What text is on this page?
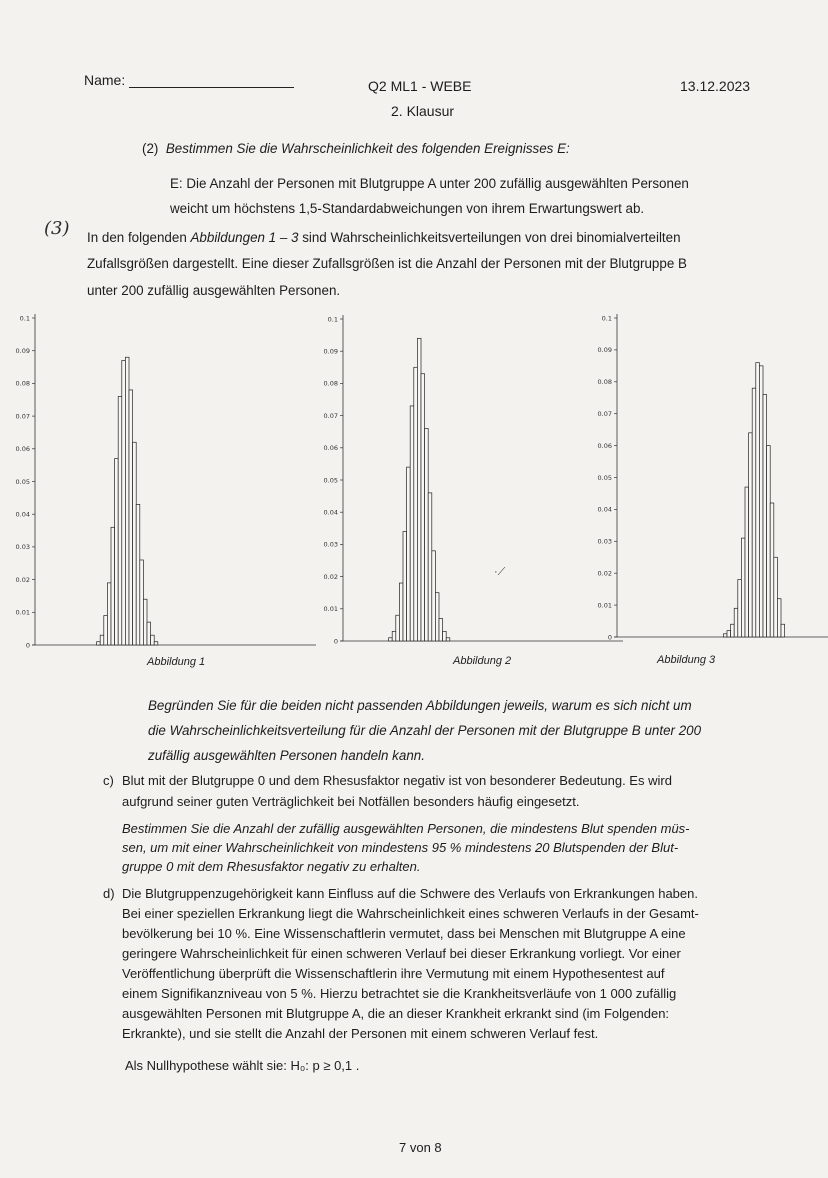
Name:	Q2 ML1 - WEBE	13.12.2023
2. Klausur
(2) Bestimmen Sie die Wahrscheinlichkeit des folgenden Ereignisses E:
E: Die Anzahl der Personen mit Blutgruppe A unter 200 zufällig ausgewählten Personen
weicht um höchstens 1,5-Standardabweichungen von ihrem Erwartungswert ab.
(3) In den folgenden Abbildungen 1 – 3 sind Wahrscheinlichkeitsverteilungen von drei binomialverteilten
Zufallsgrößen dargestellt. Eine dieser Zufallsgrößen ist die Anzahl der Personen mit der Blutgruppe B
unter 200 zufällig ausgewählten Personen.
0.1
0.09
0.08
0.07
0.06
0.05
0.04
0.03
0.02
0.01
0
0.1
0.09
0.08
0.07
0.06
0.05
0.04
0.03
0.02
0.01
0
0.1
0.09
0.08
0.07
0.06
0.05
0.04
0.03
0.02
0.01
0
·⟋
Abbildung 1	Abbildung 2	Abbildung 3
Begründen Sie für die beiden nicht passenden Abbildungen jeweils, warum es sich nicht um
die Wahrscheinlichkeitsverteilung für die Anzahl der Personen mit der Blutgruppe B unter 200
zufällig ausgewählten Personen handeln kann.
c) Blut mit der Blutgruppe 0 und dem Rhesusfaktor negativ ist von besonderer Bedeutung. Es wird
aufgrund seiner guten Verträglichkeit bei Notfällen besonders häufig eingesetzt.
Bestimmen Sie die Anzahl der zufällig ausgewählten Personen, die mindestens Blut spenden müs-
sen, um mit einer Wahrscheinlichkeit von mindestens 95 % mindestens 20 Blutspenden der Blut-
gruppe 0 mit dem Rhesusfaktor negativ zu erhalten.
d) Die Blutgruppenzugehörigkeit kann Einfluss auf die Schwere des Verlaufs von Erkrankungen haben.
Bei einer speziellen Erkrankung liegt die Wahrscheinlichkeit eines schweren Verlaufs in der Gesamt-
bevölkerung bei 10 %. Eine Wissenschaftlerin vermutet, dass bei Menschen mit Blutgruppe A eine
geringere Wahrscheinlichkeit für einen schweren Verlauf bei dieser Erkrankung vorliegt. Vor einer
Veröffentlichung überprüft die Wissenschaftlerin ihre Vermutung mit einem Hypothesentest auf
einem Signifikanzniveau von 5 %. Hierzu betrachtet sie die Krankheitsverläufe von 1 000 zufällig
ausgewählten Personen mit Blutgruppe A, die an dieser Krankheit erkrankt sind (im Folgenden:
Erkrankte), und sie stellt die Anzahl der Personen mit einem schweren Verlauf fest.
Als Nullhypothese wählt sie: H₀: p ≥ 0,1 .
7 von 8
